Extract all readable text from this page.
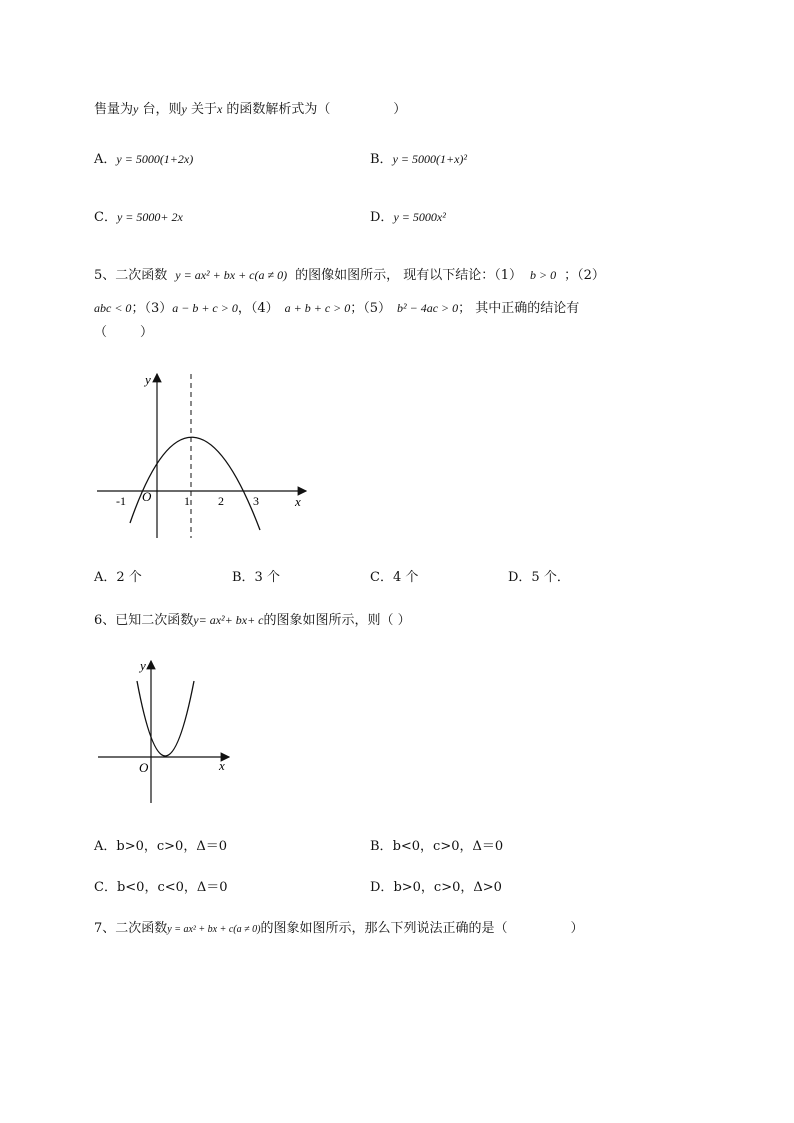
售量为y 台，则y 关于x 的函数解析式为（	）
A．y = 5000(1+2x)	B．y = 5000(1+x)²
C．y = 5000+ 2x	D．y = 5000x²
5、二次函数 y = ax² + bx + c(a ≠ 0) 的图像如图所示， 现有以下结论：（1） b > 0 ；（2）
abc < 0；（3）a − b + c > 0，（4） a + b + c > 0；（5） b² − 4ac > 0； 其中正确的结论有
（        ）
y
x
O
-1	1 2 3
A．2 个	B．3 个	C．4 个	D．5 个．
6、已知二次函数y= ax²+ bx+ c的图象如图所示，则（ ）
y
x
O
A．b>0，c>0，Δ＝0	B．b<0，c>0，Δ＝0
C．b<0，c<0，Δ＝0	D．b>0，c>0，Δ>0
7、二次函数y = ax² + bx + c(a ≠ 0)的图象如图所示，那么下列说法正确的是（	）
